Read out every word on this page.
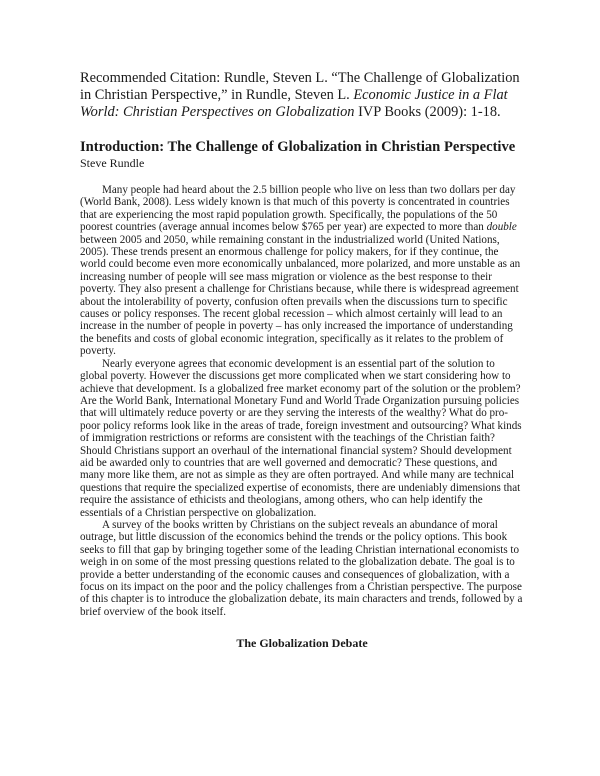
Recommended Citation: Rundle, Steven L. “The Challenge of Globalization in Christian Perspective,” in Rundle, Steven L. Economic Justice in a Flat World: Christian Perspectives on Globalization IVP Books (2009): 1-18.

Introduction: The Challenge of Globalization in Christian Perspective

Steve Rundle

Many people had heard about the 2.5 billion people who live on less than two dollars per day (World Bank, 2008). Less widely known is that much of this poverty is concentrated in countries that are experiencing the most rapid population growth. Specifically, the populations of the 50 poorest countries (average annual incomes below $765 per year) are expected to more than double between 2005 and 2050, while remaining constant in the industrialized world (United Nations, 2005). These trends present an enormous challenge for policy makers, for if they continue, the world could become even more economically unbalanced, more polarized, and more unstable as an increasing number of people will see mass migration or violence as the best response to their poverty. They also present a challenge for Christians because, while there is widespread agreement about the intolerability of poverty, confusion often prevails when the discussions turn to specific causes or policy responses. The recent global recession – which almost certainly will lead to an increase in the number of people in poverty – has only increased the importance of understanding the benefits and costs of global economic integration, specifically as it relates to the problem of poverty.

Nearly everyone agrees that economic development is an essential part of the solution to global poverty. However the discussions get more complicated when we start considering how to achieve that development. Is a globalized free market economy part of the solution or the problem? Are the World Bank, International Monetary Fund and World Trade Organization pursuing policies that will ultimately reduce poverty or are they serving the interests of the wealthy? What do pro-poor policy reforms look like in the areas of trade, foreign investment and outsourcing? What kinds of immigration restrictions or reforms are consistent with the teachings of the Christian faith? Should Christians support an overhaul of the international financial system? Should development aid be awarded only to countries that are well governed and democratic? These questions, and many more like them, are not as simple as they are often portrayed. And while many are technical questions that require the specialized expertise of economists, there are undeniably dimensions that require the assistance of ethicists and theologians, among others, who can help identify the essentials of a Christian perspective on globalization.

A survey of the books written by Christians on the subject reveals an abundance of moral outrage, but little discussion of the economics behind the trends or the policy options. This book seeks to fill that gap by bringing together some of the leading Christian international economists to weigh in on some of the most pressing questions related to the globalization debate. The goal is to provide a better understanding of the economic causes and consequences of globalization, with a focus on its impact on the poor and the policy challenges from a Christian perspective. The purpose of this chapter is to introduce the globalization debate, its main characters and trends, followed by a brief overview of the book itself.

The Globalization Debate
